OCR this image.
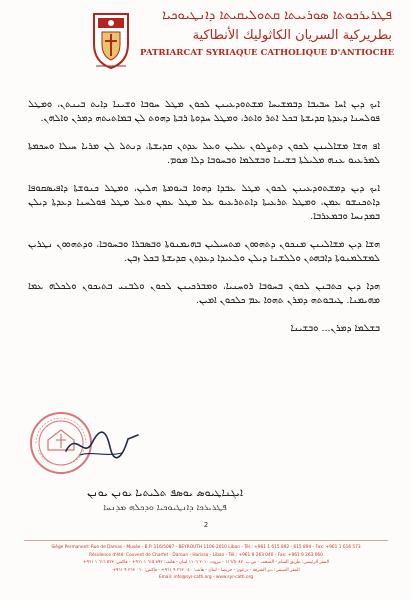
ܦܛܪܝܪܟܘܬܐ ܣܘܪܝܝܬܐ ܩܬܘܠܝܩܝܬܐ ܕܐܢܛܝܘܟܝܐ
بطريركية السريان الكاثوليك الأنطاكية
PATRIARCAT SYRIAQUE CATHOLIQUE D'ANTIOCHE

ܐܝܟ ܕܝܢ ܐܚܐ ܚܒܝܒܐ ܕܒܡܫܝܚܐ ܡܫܬܘܕܥܝܢܢ ܠܟܘܢ ܡܛܠ ܚܘܒܐ ܘܫܝܢܐ ܕܐܝܬ ܒܝܢܬܢ، ܘܡܛܠ ܦܘܠܚܢܐ ܕܥܕܬܐ ܩܕܝܫܬܐ ܒܟܠ ܐܬܪ ܘܐܬܪ، ܘܡܛܠ ܚܕܘܬܐ ܪܒܬܐ ܕܗܘܬ ܠܢ ܒܡܐܬܝܬܗ ܕܡܪܢ ܘܐܠܗܢ.

ܐܦ ܗܫܐ ܡܫܐܠܝܢܢ ܠܟܘܢ ܕܬܨܠܘܢ ܥܠܝܢ ܘܥܠ ܥܕܬܢ ܩܕܝܫܬܐ، ܕܢܬܠ ܠܢ ܡܪܝܐ ܚܝܠܐ ܘܚܟܡܬܐ ܠܡܪܥܝܘ ܥܢܗ ܡܠܝܠܬܐ ܒܫܝܢܐ ܘܒܫܠܡܐ ܘܒܚܘܒܐ ܕܠܐ ܡܘܡ.

ܐܝܟ ܕܝܢ ܕܡܫܬܘܕܥܝܢܢ ܠܟܘܢ ܡܛܠ ܥܒܕܐ ܕܗܘܐ ܒܝܘܡܬܐ ܗܠܝܢ، ܘܡܛܠ ܟܢܘܫܬܐ ܕܐܦܝܣܩܘܦܐ ܕܐܬܟܢܫܘ ܥܡܢ، ܘܡܛܠ ܬܪܥܝܬܐ ܕܐܬܬܪܥܝܘ ܥܠ ܡܛܠ ܥܡܢ ܘܥܠ ܡܛܠ ܦܘܠܚܢܐ ܕܥܕܬܐ ܕܝܠܢ ܒܡܕܢܚܐ ܘܒܡܥܪܒܐ.

ܗܫܐ ܕܝܢ ܡܫܐܠܝܢܢ ܡܢܟܘܢ ܕܬܗܘܘܢ ܡܬܚܝܠܝܢ ܒܗܝܡܢܘܬܐ ܘܒܣܒܪܐ ܘܒܚܘܒܐ، ܘܕܬܗܘܘܢ ܢܛܪܝܢ ܠܡܫܠܡܢܘܬܐ ܕܐܒܗܬܢ ܘܠܠܫܢܐ ܕܝܠܢ ܘܠܥܝܕܐ ܕܥܕܬܢ ܩܕܝܫܬܐ ܒܟܠ ܙܒܢ.

ܗܕܐ ܕܝܢ ܟܬܒܢܢ ܠܟܘܢ ܒܚܘܒܐ ܪܘܚܢܝܐ، ܘܡܒܪܟܝܢܢ ܠܟܘܢ ܘܠܒܢܝ ܒܬܝܟܘܢ ܘܠܟܠܗ ܥܡܐ ܡܗܝܡܢܐ. ܛܝܒܘܬܗ ܕܡܪܢ ܬܗܘܐ ܥܡ ܟܠܟܘܢ ܐܡܝܢ.

ܒܫܠܡܐ ܕܡܪܢ... ܘܒܫܝܢܐ

ܐܝܓܢܐܛܝܘܣ ܝܘܣܦ ܬܠܝܬܝܐ ܝܘܢܢ ܝܘܢܢ
ܦܛܪܝܪܟܐ ܕܐܢܛܝܘܟܝܐ ܘܕܟܠܗ ܡܕܢܚܐ
2
Siège Permanent: Rue de Damas - Musée - B.P. 116/5087 - BEYROUTH 1106-2010 Liban - Tél.: +961 1 615 892 - 615 894 - Fax: +961 1 616 573
Résidence d'été: Couvent de Charfet - Daroun - Harissa - Liban - Tél.: +961 9 263 040 - Fax: +961 9 263 060
المقر الرئيسي: طريق الشام - المتحف - ص.ب. ١١٦/٥٠٨٧ - بيروت ٢٠١٠ ١١٠٦ لبنان - هاتف: ٨٩٢ ٦١٥ ١ ٩٦١+ - فاكس: ٥٧٣ ٦١٦ ١ ٩٦١+
المقر الصيفي: دير الشرفة - درعون - حريصا - لبنان - هاتف: ٠٤٠ ٢٦٣ ٩ ٩٦١+ - فاكس: ٠٦٠ ٢٦٣ ٩ ٩٦١+
Email: info@syr-cath.org - www.syr-cath.org
